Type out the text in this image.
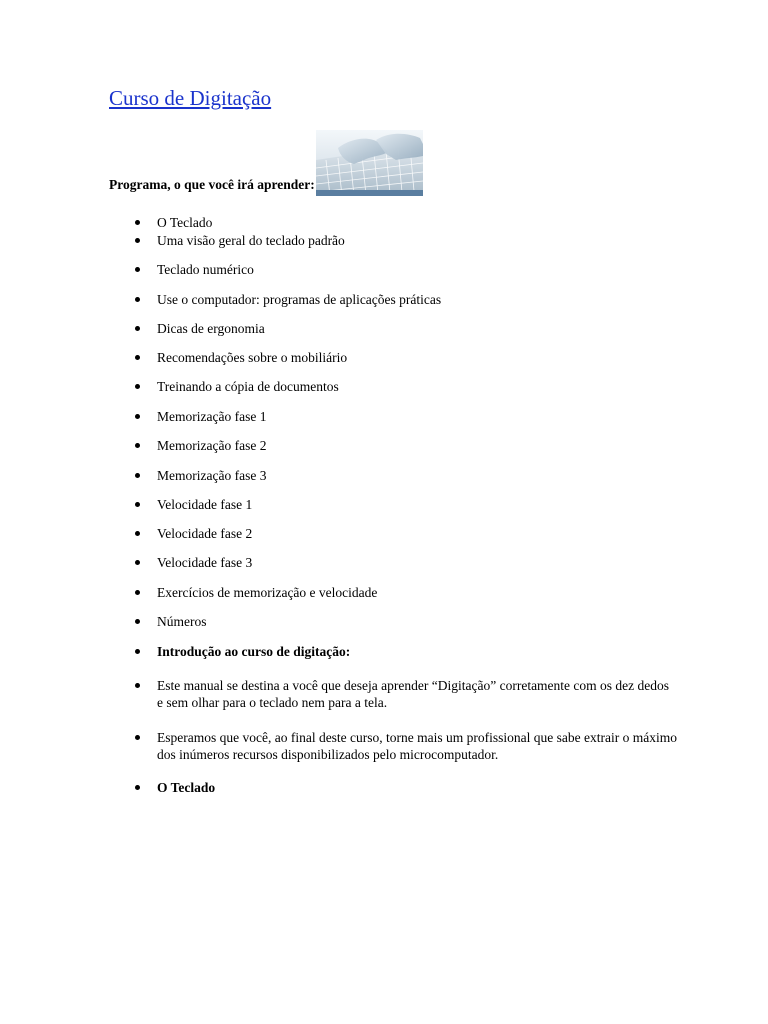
Curso de Digitação
Programa, o que você irá aprender:
O Teclado
Uma visão geral do teclado padrão
Teclado numérico
Use o computador: programas de aplicações práticas
Dicas de ergonomia
Recomendações sobre o mobiliário
Treinando a cópia de documentos
Memorização fase 1
Memorização fase 2
Memorização fase 3
Velocidade fase 1
Velocidade fase 2
Velocidade fase 3
Exercícios de memorização e velocidade
Números
Introdução ao curso de digitação:
Este manual se destina a você que deseja aprender “Digitação” corretamente com os dez dedos e sem olhar para o teclado nem para a tela.
Esperamos que você, ao final deste curso, torne mais um profissional que sabe extrair o máximo dos inúmeros recursos disponibilizados pelo microcomputador.
O Teclado
